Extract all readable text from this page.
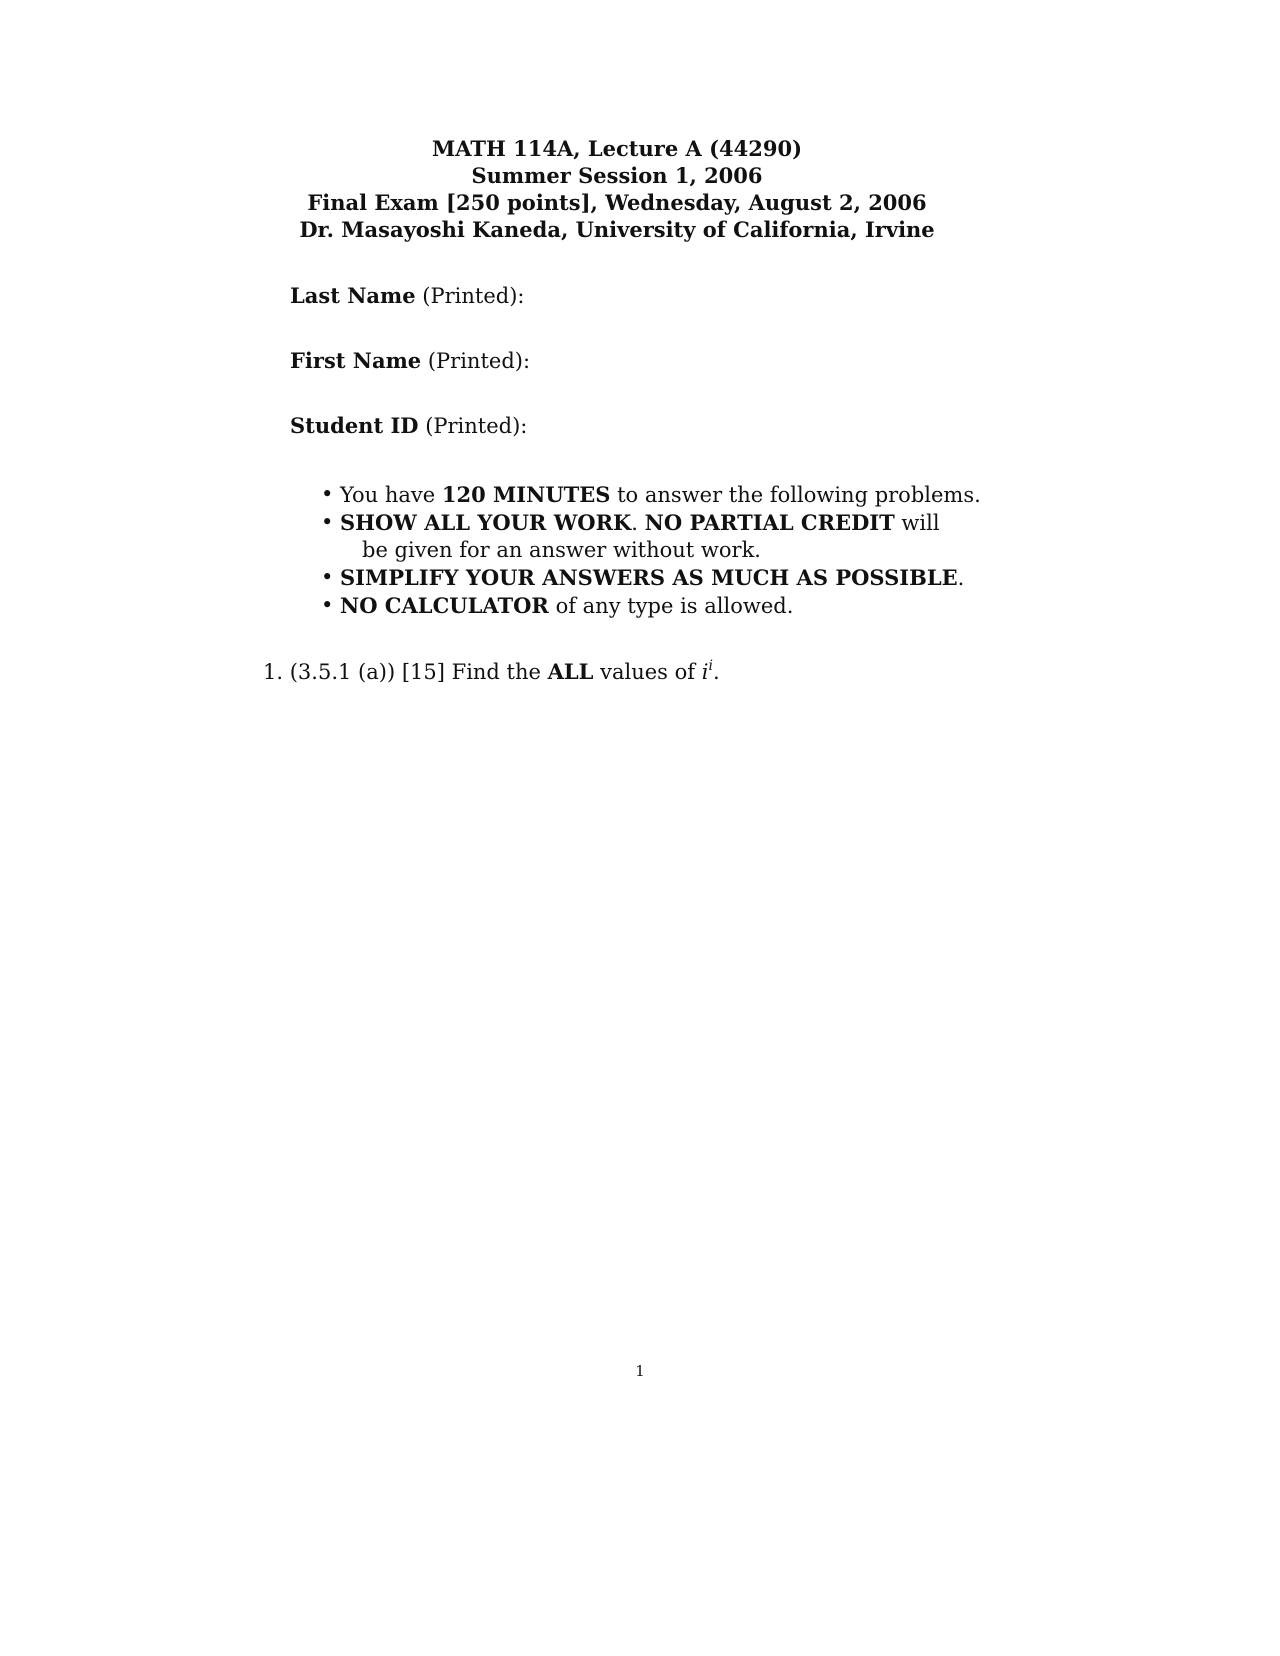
MATH 114A, Lecture A (44290)
Summer Session 1, 2006
Final Exam [250 points], Wednesday, August 2, 2006
Dr. Masayoshi Kaneda, University of California, Irvine
Last Name (Printed):
First Name (Printed):
Student ID (Printed):
• You have 120 MINUTES to answer the following problems.
• SHOW ALL YOUR WORK. NO PARTIAL CREDIT will
be given for an answer without work.
• SIMPLIFY YOUR ANSWERS AS MUCH AS POSSIBLE.
• NO CALCULATOR of any type is allowed.
1. (3.5.1 (a)) [15] Find the ALL values of $i^i$.
1
